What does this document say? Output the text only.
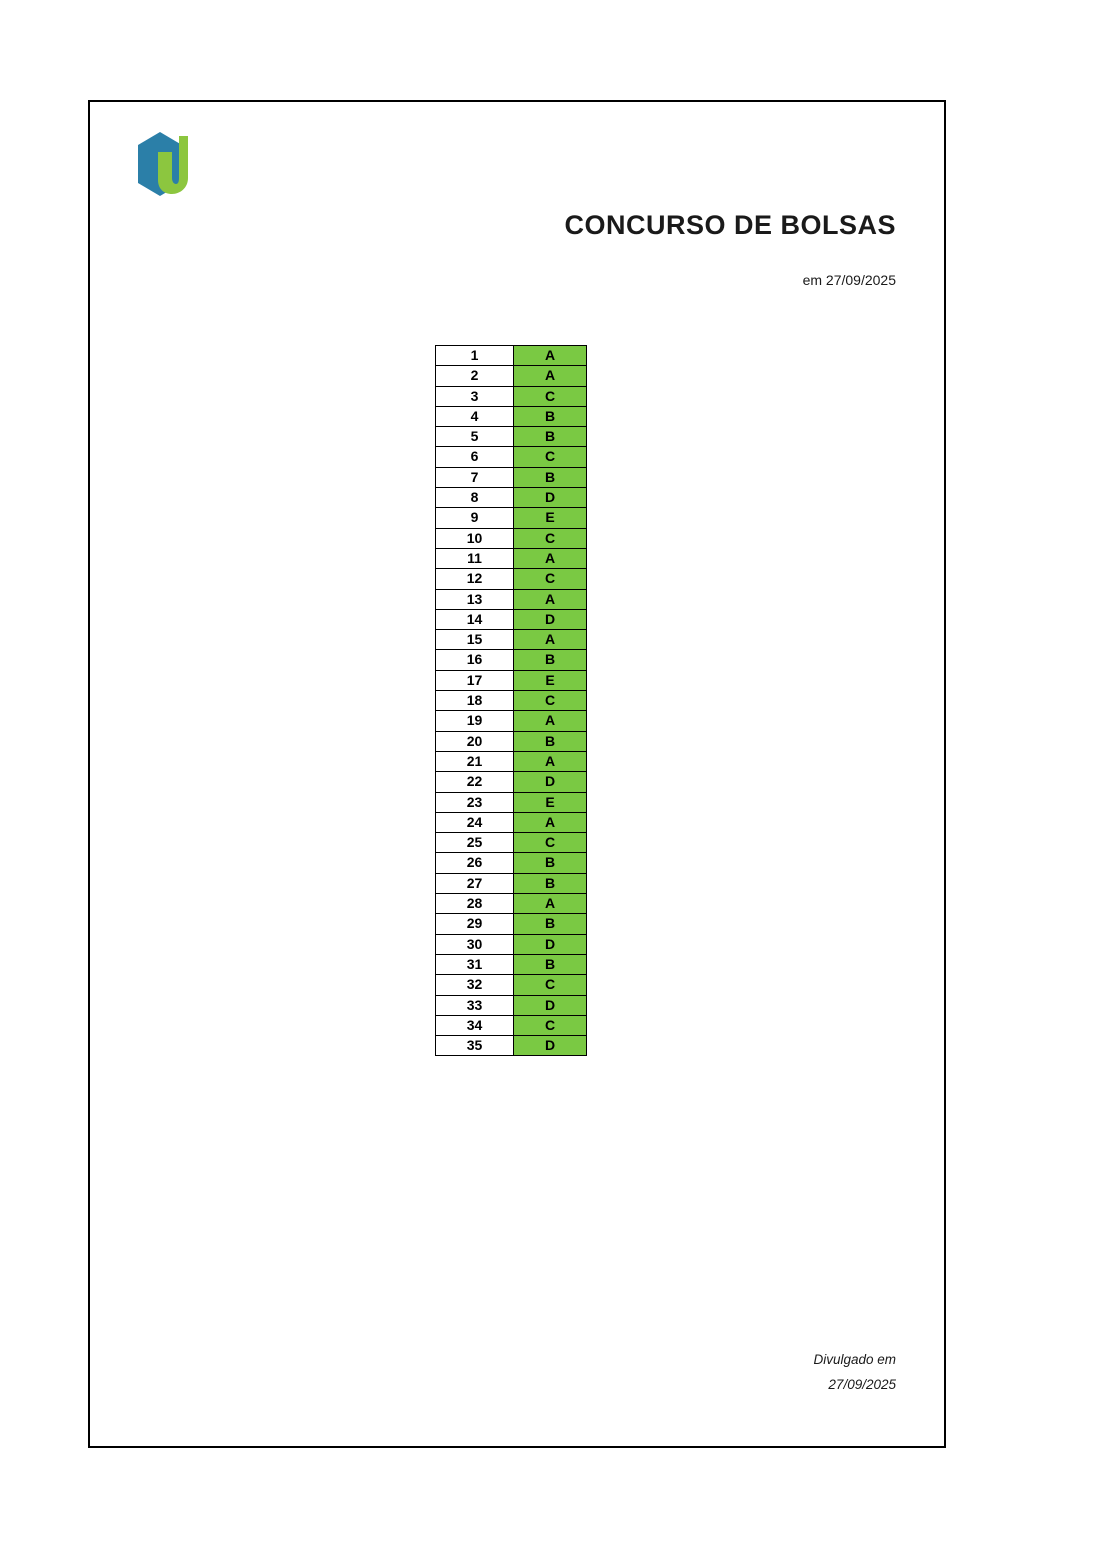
CONCURSO DE BOLSAS
em 27/09/2025
1	A
2	A
3	C
4	B
5	B
6	C
7	B
8	D
9	E
10	C
11	A
12	C
13	A
14	D
15	A
16	B
17	E
18	C
19	A
20	B
21	A
22	D
23	E
24	A
25	C
26	B
27	B
28	A
29	B
30	D
31	B
32	C
33	D
34	C
35	D
Divulgado em
27/09/2025
